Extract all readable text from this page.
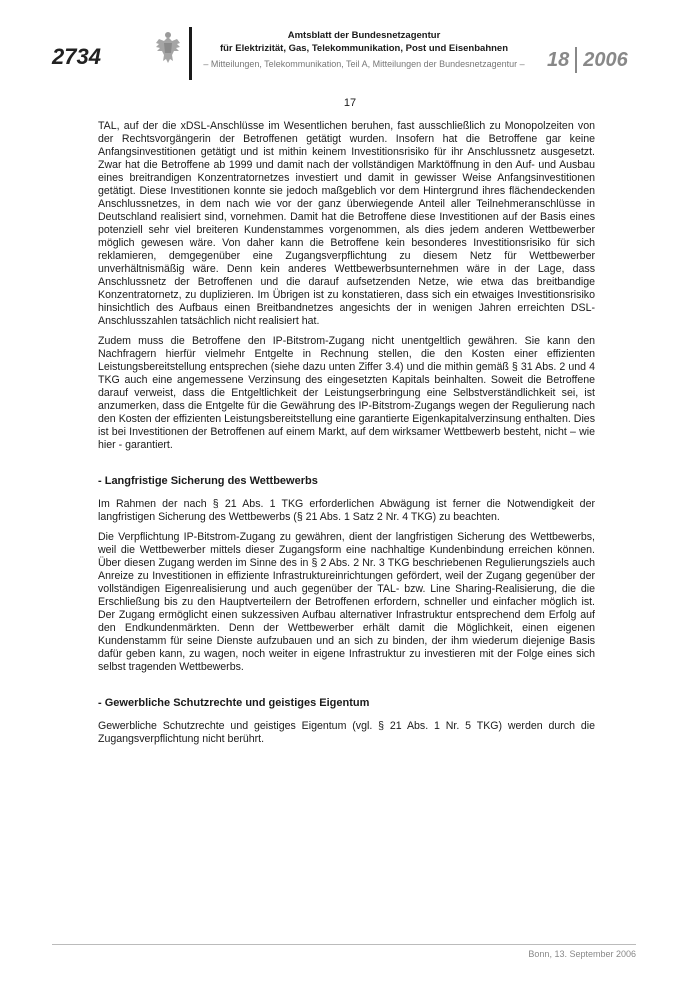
2734
Amtsblatt der Bundesnetzagentur
für Elektrizität, Gas, Telekommunikation, Post und Eisenbahnen
– Mitteilungen, Telekommunikation, Teil A, Mitteilungen der Bundesnetzagentur –	18 2006
17

TAL, auf der die xDSL-Anschlüsse im Wesentlichen beruhen, fast ausschließlich zu Monopolzeiten von der Rechtsvorgängerin der Betroffenen getätigt wurden. Insofern hat die Betroffene gar keine Anfangsinvestitionen getätigt und ist mithin keinem Investitionsrisiko für ihr Anschlussnetz ausgesetzt. Zwar hat die Betroffene ab 1999 und damit nach der vollständigen Marktöffnung in den Auf- und Ausbau eines breitrandigen Konzentratornetzes investiert und damit in gewisser Weise Anfangsinvestitionen getätigt. Diese Investitionen konnte sie jedoch maßgeblich vor dem Hintergrund ihres flächendeckenden Anschlussnetzes, in dem nach wie vor der ganz überwiegende Anteil aller Teilnehmeranschlüsse in Deutschland realisiert sind, vornehmen. Damit hat die Betroffene diese Investitionen auf der Basis eines potenziell sehr viel breiteren Kundenstammes vorgenommen, als dies jedem anderen Wettbewerber möglich gewesen wäre. Von daher kann die Betroffene kein besonderes Investitionsrisiko für sich reklamieren, demgegenüber eine Zugangsverpflichtung zu diesem Netz für Wettbewerber unverhältnismäßig wäre. Denn kein anderes Wettbewerbsunternehmen wäre in der Lage, dass Anschlussnetz der Betroffenen und die darauf aufsetzenden Netze, wie etwa das breitbandige Konzentratornetz, zu duplizieren. Im Übrigen ist zu konstatieren, dass sich ein etwaiges Investitionsrisiko hinsichtlich des Aufbaus einen Breitbandnetzes angesichts der in wenigen Jahren erreichten DSL-Anschlusszahlen tatsächlich nicht realisiert hat.

Zudem muss die Betroffene den IP-Bitstrom-Zugang nicht unentgeltlich gewähren. Sie kann den Nachfragern hierfür vielmehr Entgelte in Rechnung stellen, die den Kosten einer effizienten Leistungsbereitstellung entsprechen (siehe dazu unten Ziffer 3.4) und die mithin gemäß § 31 Abs. 2 und 4 TKG auch eine angemessene Verzinsung des eingesetzten Kapitals beinhalten. Soweit die Betroffene darauf verweist, dass die Entgeltlichkeit der Leistungserbringung eine Selbstverständlichkeit sei, ist anzumerken, dass die Entgelte für die Gewährung des IP-Bitstrom-Zugangs wegen der Regulierung nach den Kosten der effizienten Leistungsbereitstellung eine garantierte Eigenkapitalverzinsung enthalten. Dies ist bei Investitionen der Betroffenen auf einem Markt, auf dem wirksamer Wettbewerb besteht, nicht – wie hier - garantiert.

- Langfristige Sicherung des Wettbewerbs

Im Rahmen der nach § 21 Abs. 1 TKG erforderlichen Abwägung ist ferner die Notwendigkeit der langfristigen Sicherung des Wettbewerbs (§ 21 Abs. 1 Satz 2 Nr. 4 TKG) zu beachten.

Die Verpflichtung IP-Bitstrom-Zugang zu gewähren, dient der langfristigen Sicherung des Wettbewerbs, weil die Wettbewerber mittels dieser Zugangsform eine nachhaltige Kundenbindung erreichen können. Über diesen Zugang werden im Sinne des in § 2 Abs. 2 Nr. 3 TKG beschriebenen Regulierungsziels auch Anreize zu Investitionen in effiziente Infrastruktureinrichtungen gefördert, weil der Zugang gegenüber der vollständigen Eigenrealisierung und auch gegenüber der TAL- bzw. Line Sharing-Realisierung, die die Erschließung bis zu den Hauptverteilern der Betroffenen erfordern, schneller und einfacher möglich ist. Der Zugang ermöglicht einen sukzessiven Aufbau alternativer Infrastruktur entsprechend dem Erfolg auf den Endkundenmärkten. Denn der Wettbewerber erhält damit die Möglichkeit, einen eigenen Kundenstamm für seine Dienste aufzubauen und an sich zu binden, der ihm wiederum diejenige Basis dafür geben kann, zu wagen, noch weiter in eigene Infrastruktur zu investieren mit der Folge eines sich selbst tragenden Wettbewerbs.

- Gewerbliche Schutzrechte und geistiges Eigentum

Gewerbliche Schutzrechte und geistiges Eigentum (vgl. § 21 Abs. 1 Nr. 5 TKG) werden durch die Zugangsverpflichtung nicht berührt.

Bonn, 13. September 2006
